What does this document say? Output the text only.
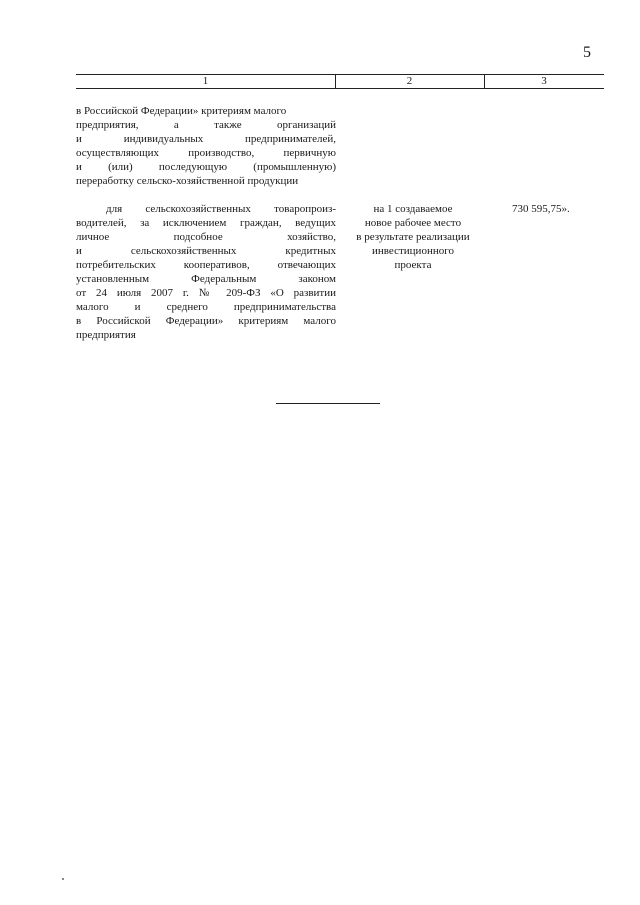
5
1	2	3
в Российской Федерации» критериям малого
предприятия, а также организаций
и индивидуальных предпринимателей,
осуществляющих производство, первичную
и (или) последующую (промышленную)
переработку сельско-хозяйственной продукции
для сельскохозяйственных товаропроиз-
водителей, за исключением граждан, ведущих
личное подсобное хозяйство,
и сельскохозяйственных кредитных
потребительских кооперативов, отвечающих
установленным Федеральным законом
от 24 июля 2007 г. № 209-ФЗ «О развитии
малого и среднего предпринимательства
в Российской Федерации» критериям малого
предприятия
на 1 создаваемое
новое рабочее место
в результате реализации
инвестиционного
проекта
730 595,75».
